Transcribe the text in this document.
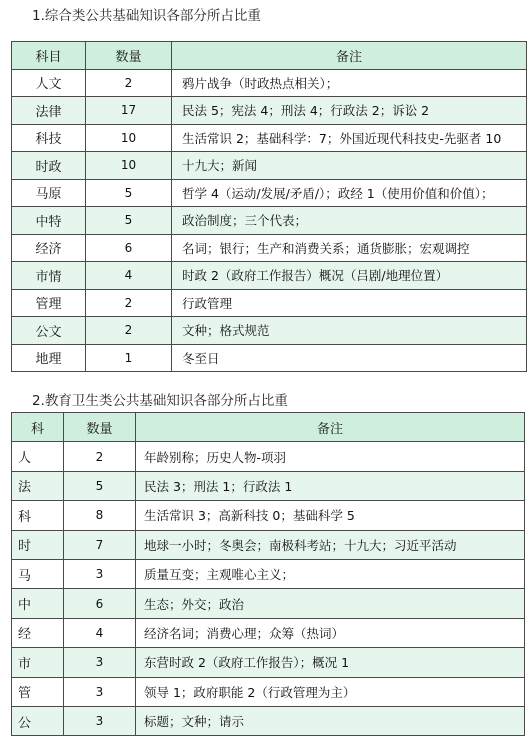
1.综合类公共基础知识各部分所占比重
科目	数量	备注
人文	2	鸦片战争（时政热点相关）；
法律	17	民法 5；宪法 4；刑法 4；行政法 2；诉讼 2
科技	10	生活常识 2；基础科学：7；外国近现代科技史-先驱者 10
时政	10	十九大；新闻
马原	5	哲学 4（运动/发展/矛盾/）；政经 1（使用价值和价值）；
中特	5	政治制度；三个代表；
经济	6	名词；银行；生产和消费关系；通货膨胀；宏观调控
市情	4	时政 2（政府工作报告）概况（吕剧/地理位置）
管理	2	行政管理
公文	2	文种；格式规范
地理	1	冬至日
2.教育卫生类公共基础知识各部分所占比重
科	数量	备注
人	2	年龄别称；历史人物-项羽
法	5	民法 3；刑法 1；行政法 1
科	8	生活常识 3；高新科技 0；基础科学 5
时	7	地球一小时；冬奥会；南极科考站；十九大；习近平活动
马	3	质量互变；主观唯心主义；
中	6	生态；外交；政治
经	4	经济名词；消费心理；众筹（热词）
市	3	东营时政 2（政府工作报告）；概况 1
管	3	领导 1；政府职能 2（行政管理为主）
公	3	标题；文种；请示
